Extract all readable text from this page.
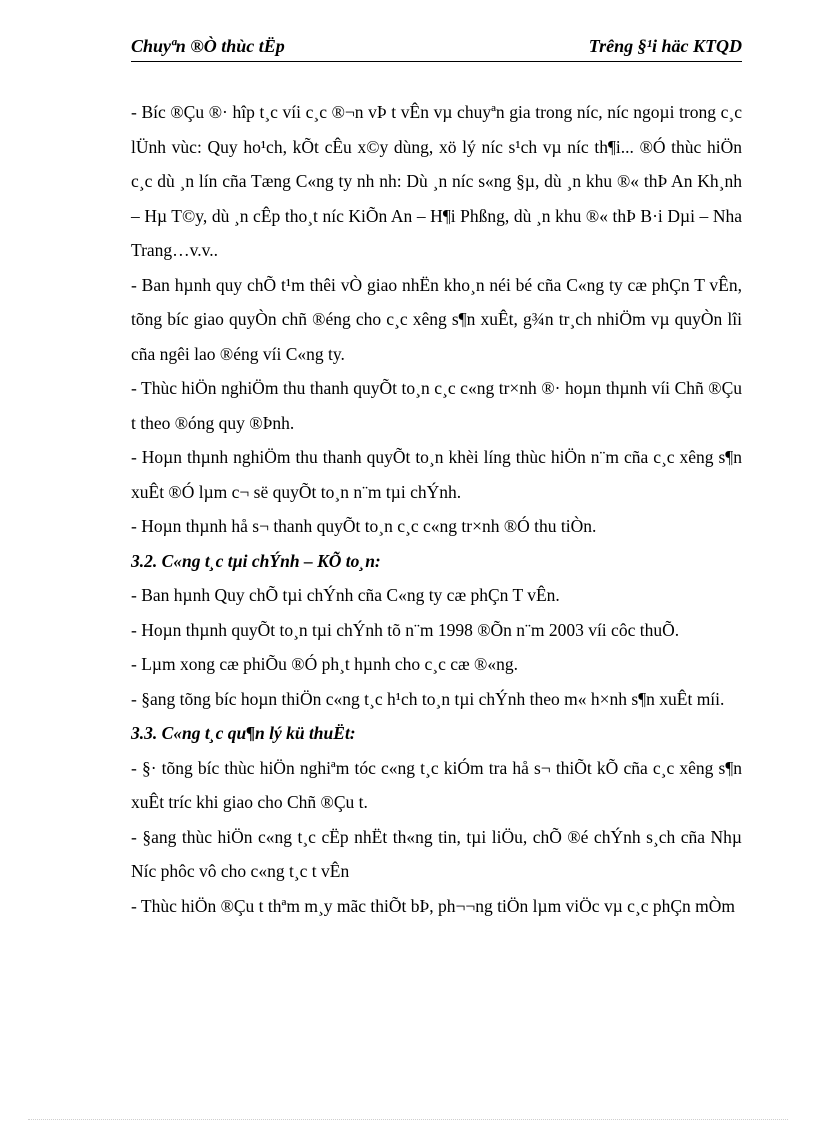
Chuyªn ®Ò thùc tËp	Trêng §¹i häc KTQD

- Bíc ®Çu ®· hîp t¸c víi c¸c ®¬n vÞ t vÊn vµ chuyªn gia trong níc, níc ngoµi trong c¸c lÜnh vùc: Quy ho¹ch, kÕt cÊu x©y dùng, xö lý níc s¹ch vµ níc th¶i... ®Ó thùc hiÖn c¸c dù ¸n lín cña Tæng C«ng ty nh nh: Dù ¸n níc s«ng §µ, dù ¸n khu ®« thÞ An Kh¸nh – Hµ T©y, dù ¸n cÊp tho¸t níc KiÕn An – H¶i Phßng, dù ¸n khu ®« thÞ B·i Dµi – Nha Trang…v.v..

- Ban hµnh quy chÕ t¹m thêi vÒ giao nhËn kho¸n néi bé cña C«ng ty cæ phÇn T vÊn, tõng bíc giao quyÒn chñ ®éng cho c¸c xêng s¶n xuÊt, g¾n tr¸ch nhiÖm vµ quyÒn lîi cña ngêi lao ®éng víi C«ng ty.

- Thùc hiÖn nghiÖm thu thanh quyÕt to¸n c¸c c«ng tr×nh ®· hoµn thµnh víi Chñ ®Çu t theo ®óng quy ®Þnh.

- Hoµn thµnh nghiÖm thu thanh quyÕt to¸n khèi líng thùc hiÖn n¨m cña c¸c xêng s¶n xuÊt ®Ó lµm c¬ së quyÕt to¸n n¨m tµi chÝnh.

- Hoµn thµnh hå s¬ thanh quyÕt to¸n c¸c c«ng tr×nh ®Ó thu tiÒn.

3.2. C«ng t¸c tµi chÝnh – KÕ to¸n:

- Ban hµnh Quy chÕ tµi chÝnh cña C«ng ty cæ phÇn T vÊn.

- Hoµn thµnh quyÕt to¸n tµi chÝnh tõ n¨m 1998 ®Õn n¨m 2003 víi côc thuÕ.

- Lµm xong cæ phiÕu ®Ó ph¸t hµnh cho c¸c cæ ®«ng.

- §ang tõng bíc hoµn thiÖn c«ng t¸c h¹ch to¸n tµi chÝnh theo m« h×nh s¶n xuÊt míi.

3.3. C«ng t¸c qu¶n lý kü thuËt:

- §· tõng bíc thùc hiÖn nghiªm tóc c«ng t¸c kiÓm tra hå s¬ thiÕt kÕ cña c¸c xêng s¶n xuÊt tríc khi giao cho Chñ ®Çu t.

- §ang thùc hiÖn c«ng t¸c cËp nhËt th«ng tin, tµi liÖu, chÕ ®é chÝnh s¸ch cña Nhµ Níc phôc vô cho c«ng t¸c t vÊn

- Thùc hiÖn ®Çu t thªm m¸y mãc thiÕt bÞ, ph¬¬ng tiÖn lµm viÖc vµ c¸c phÇn mÒm
